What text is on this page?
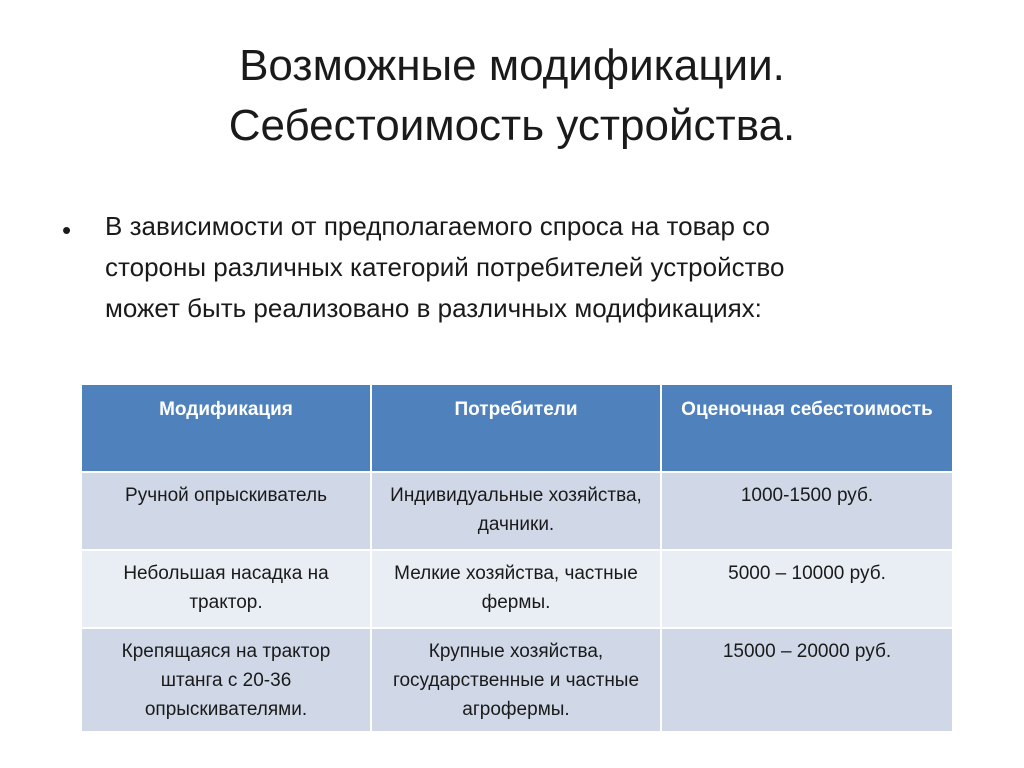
Возможные модификации.
Себестоимость устройства.
• В зависимости от предполагаемого спроса на товар со
стороны различных категорий потребителей устройство
может быть реализовано в различных модификациях:
Модификация	Потребители	Оценочная себестоимость
Ручной опрыскиватель	Индивидуальные хозяйства, дачники.	1000-1500 руб.
Небольшая насадка на трактор.	Мелкие хозяйства, частные фермы.	5000 – 10000 руб.
Крепящаяся на трактор штанга с 20-36 опрыскивателями.	Крупные хозяйства, государственные и частные агрофермы.	15000 – 20000 руб.
